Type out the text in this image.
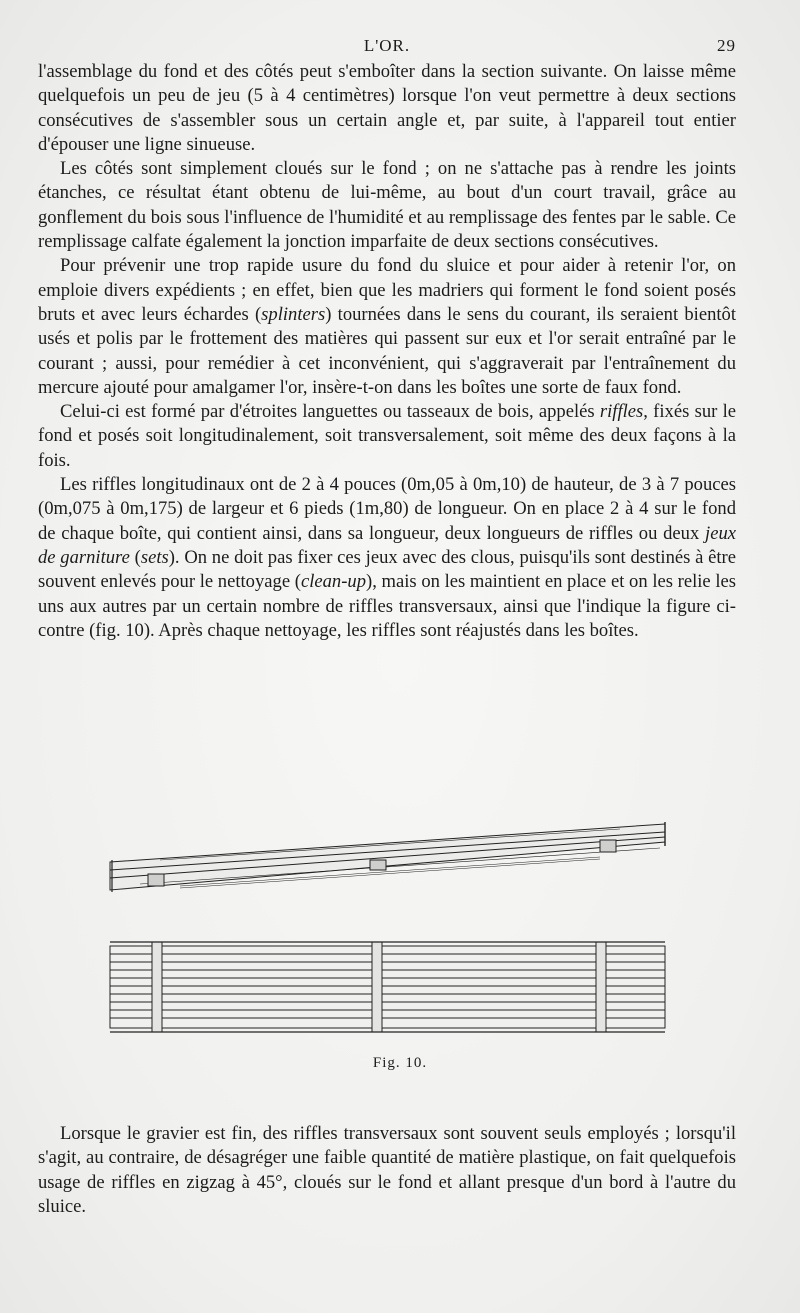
L'OR.	29

l'assemblage du fond et des côtés peut s'emboîter dans la section suivante. On laisse même quelquefois un peu de jeu (5 à 4 centimètres) lorsque l'on veut permettre à deux sections consécutives de s'assembler sous un certain angle et, par suite, à l'appareil tout entier d'épouser une ligne sinueuse.

Les côtés sont simplement cloués sur le fond ; on ne s'attache pas à rendre les joints étanches, ce résultat étant obtenu de lui-même, au bout d'un court travail, grâce au gonflement du bois sous l'influence de l'humidité et au remplissage des fentes par le sable. Ce remplissage calfate également la jonction imparfaite de deux sections consécutives.

Pour prévenir une trop rapide usure du fond du sluice et pour aider à retenir l'or, on emploie divers expédients ; en effet, bien que les madriers qui forment le fond soient posés bruts et avec leurs échardes (splinters) tournées dans le sens du courant, ils seraient bientôt usés et polis par le frottement des matières qui passent sur eux et l'or serait entraîné par le courant ; aussi, pour remédier à cet inconvénient, qui s'aggraverait par l'entraînement du mercure ajouté pour amalgamer l'or, insère-t-on dans les boîtes une sorte de faux fond.

Celui-ci est formé par d'étroites languettes ou tasseaux de bois, appelés riffles, fixés sur le fond et posés soit longitudinalement, soit transversalement, soit même des deux façons à la fois.

Les riffles longitudinaux ont de 2 à 4 pouces (0m,05 à 0m,10) de hauteur, de 3 à 7 pouces (0m,075 à 0m,175) de largeur et 6 pieds (1m,80) de longueur. On en place 2 à 4 sur le fond de chaque boîte, qui contient ainsi, dans sa longueur, deux longueurs de riffles ou deux jeux de garniture (sets). On ne doit pas fixer ces jeux avec des clous, puisqu'ils sont destinés à être souvent enlevés pour le nettoyage (clean-up), mais on les maintient en place et on les relie les uns aux autres par un certain nombre de riffles transversaux, ainsi que l'indique la figure ci-contre (fig. 10). Après chaque nettoyage, les riffles sont réajustés dans les boîtes.

Fig. 10.

Lorsque le gravier est fin, des riffles transversaux sont souvent seuls employés ; lorsqu'il s'agit, au contraire, de désagréger une faible quantité de matière plastique, on fait quelquefois usage de riffles en zigzag à 45°, cloués sur le fond et allant presque d'un bord à l'autre du sluice.
